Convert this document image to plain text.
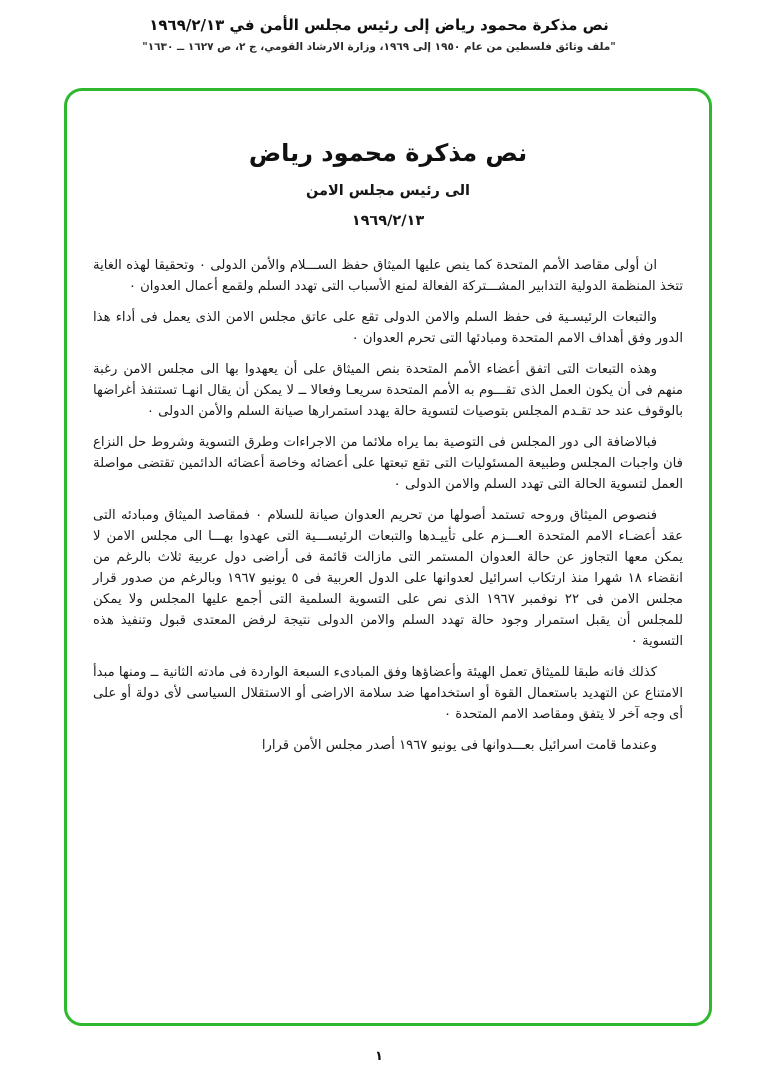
نص مذكرة محمود رياض إلى رئيس مجلس الأمن في ١٩٦٩/٢/١٣
"ملف وثائق فلسطين من عام ١٩٥٠ إلى ١٩٦٩، وزارة الارشاد القومي، ج ٢، ص ١٦٢٧ ــ ١٦٣٠"
نص مذكرة محمود رياض
الى رئيس مجلس الامن
١٩٦٩/٢/١٣

ان أولى مقاصد الأمم المتحدة كما ينص عليها الميثاق حفظ الســـلام والأمن الدولى ۰ وتحقيقا لهذه الغاية تتخذ المنظمة الدولية التدابير المشـــتركة الفعالة لمنع الأسباب التى تهدد السلم ولقمع أعمال العدوان ۰

والتبعات الرئيسـية فى حفظ السلم والامن الدولى تقع على عاتق مجلس الامن الذى يعمل فى أداء هذا الدور وفق أهداف الامم المتحدة ومبادئها التى تحرم العدوان ۰

وهذه التبعات التى اتفق أعضاء الأمم المتحدة بنص الميثاق على أن يعهدوا بها الى مجلس الامن رغبة منهم فى أن يكون العمل الذى تقـــوم به الأمم المتحدة سريعـا وفعالا ــ لا يمكن أن يقال انهـا تستنفذ أغراضها بالوقوف عند حد تقـدم المجلس بتوصيات لتسوية حالة يهدد استمرارها صيانة السلم والأمن الدولى ۰

فبالاضافة الى دور المجلس فى التوصية بما يراه ملائما من الاجراءات وطرق التسوية وشروط حل النزاع فان واجبات المجلس وطبيعة المسئوليات التى تقع تبعتها على أعضائه وخاصة أعضائه الدائمين تقتضى مواصلة العمل لتسوية الحالة التى تهدد السلم والامن الدولى ۰

فنصوص الميثاق وروحه تستمد أصولها من تحريم العدوان صيانة للسلام ۰ فمقاصد الميثاق ومبادئه التى عقد أعضـاء الامم المتحدة العـــزم على تأييـدها والتبعات الرئيســـية التى عهدوا بهـــا الى مجلس الامن لا يمكن معها التجاوز عن حالة العدوان المستمر التى مازالت قائمة فى أراضى دول عربية ثلاث بالرغم من انقضاء ١٨ شهرا منذ ارتكاب اسرائيل لعدوانها على الدول العربية فى ٥ يونيو ١٩٦٧ وبالرغم من صدور قرار مجلس الامن فى ٢٢ نوفمبر ١٩٦٧ الذى نص على التسوية السلمية التى أجمع عليها المجلس ولا يمكن للمجلس أن يقبل استمرار وجود حالة تهدد السلم والامن الدولى نتيجة لرفض المعتدى قبول وتنفيذ هذه التسوية ۰

كذلك فانه طبقا للميثاق تعمل الهيئة وأعضاؤها وفق المبادىء السبعة الواردة فى مادته الثانية ــ ومنها مبدأ الامتناع عن التهديد باستعمال القوة أو استخدامها ضد سلامة الاراضى أو الاستقلال السياسى لأى دولة أو على أى وجه آخر لا يتفق ومقاصد الامم المتحدة ۰

وعندما قامت اسرائيل بعـــدوانها فى يونيو ١٩٦٧ أصدر مجلس الأمن قرارا

١
